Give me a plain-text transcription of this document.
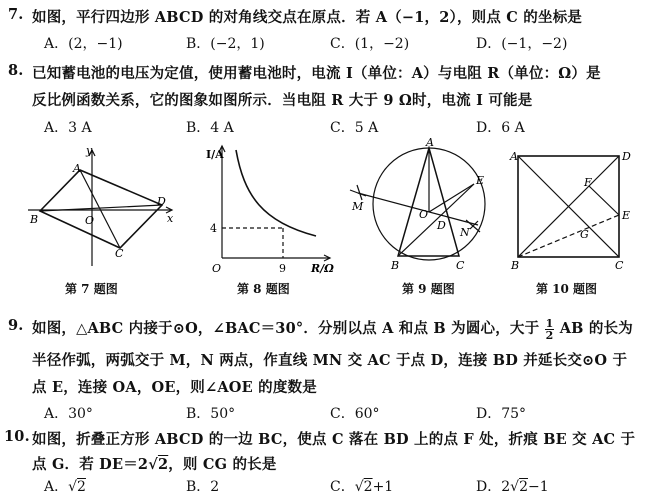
7. 如图，平行四边形 ABCD 的对角线交点在原点．若 A（−1，2），则点 C 的坐标是
A．(2，−1)	B．(−2，1)	C．(1，−2)	D．(−1，−2)
8. 已知蓄电池的电压为定值，使用蓄电池时，电流 I（单位：A）与电阻 R（单位：Ω）是
反比例函数关系，它的图象如图所示．当电阻 R 大于 9 Ω时，电流 I 可能是
A．3 A	B．4 A	C．5 A	D．6 A
y
x
A
B
C
D
O
第 7 题图
I/A
R/Ω
4
9
O
第 8 题图
A
B	C
D
E
M
N
O
第 9 题图
A
B	C
D
E
F
G
第 10 题图
9. 如图，△ABC 内接于⊙O，∠BAC＝30°．分别以点 A 和点 B 为圆心，大于 $\frac{1}{2}$ AB 的长为
半径作弧，两弧交于 M，N 两点，作直线 MN 交 AC 于点 D，连接 BD 并延长交⊙O 于
点 E，连接 OA，OE，则∠AOE 的度数是
A．30°	B．50°	C．60°	D．75°
10. 如图，折叠正方形 ABCD 的一边 BC，使点 C 落在 BD 上的点 F 处，折痕 BE 交 AC 于
点 G．若 DE＝2√2，则 CG 的长是
A．√2	B．2	C．√2+1	D．2√2−1
